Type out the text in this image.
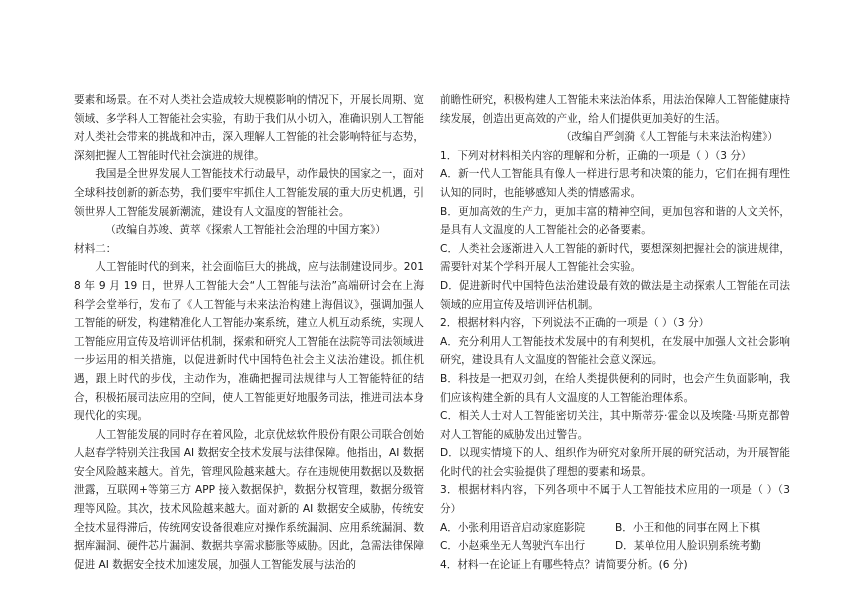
要素和场景。在不对人类社会造成较大规模影响的情况下，开展长周期、宽领域、多学科人工智能社会实验，有助于我们从小切入，准确识别人工智能对人类社会带来的挑战和冲击，深入理解人工智能的社会影响特征与态势，深刻把握人工智能时代社会演进的规律。

我国是全世界发展人工智能技术行动最早，动作最快的国家之一，面对全球科技创新的新态势，我们要牢牢抓住人工智能发展的重大历史机遇，引领世界人工智能发展新潮流，建设有人文温度的智能社会。

（改编自苏竣、黄萃《探索人工智能社会治理的中国方案》）

材料二：

人工智能时代的到来，社会面临巨大的挑战，应与法制建设同步。2018 年 9 月 19 日，世界人工智能大会“人工智能与法治”高端研讨会在上海科学会堂举行，发布了《人工智能与未来法治构建上海倡议》，强调加强人工智能的研发，构建精准化人工智能办案系统，建立人机互动系统，实现人工智能应用宣传及培训评估机制，探索和研究人工智能在法院等司法领域进一步运用的相关措施，以促进新时代中国特色社会主义法治建设。抓住机遇，跟上时代的步伐，主动作为，准确把握司法规律与人工智能特征的结合，积极拓展司法应用的空间，使人工智能更好地服务司法，推进司法本身现代化的实现。

人工智能发展的同时存在着风险，北京优炫软件股份有限公司联合创始人赵春学特别关注我国 AI 数据安全技术发展与法律保障。他指出，AI 数据安全风险越来越大。首先，管理风险越来越大。存在违规使用数据以及数据泄露，互联网+等第三方 APP 接入数据保护，数据分权管理，数据分级管理等风险。其次，技术风险越来越大。面对新的 AI 数据安全威胁，传统安全技术显得滞后，传统网安设备很难应对操作系统漏洞、应用系统漏洞、数据库漏洞、硬件芯片漏洞、数据共享需求膨胀等威胁。因此，急需法律保障促进 AI 数据安全技术加速发展，加强人工智能发展与法治的

前瞻性研究，积极构建人工智能未来法治体系，用法治保障人工智能健康持续发展，创造出更高效的产业，给人们提供更加美好的生活。

（改编自严剑漪《人工智能与未来法治构建》）

1．下列对材料相关内容的理解和分析，正确的一项是（ ）（3 分）

A．新一代人工智能具有像人一样进行思考和决策的能力，它们在拥有理性认知的同时，也能够感知人类的情感需求。

B．更加高效的生产力，更加丰富的精神空间，更加包容和谐的人文关怀，是具有人文温度的人工智能社会的必备要素。

C．人类社会逐渐进入人工智能的新时代，要想深刻把握社会的演进规律，需要针对某个学科开展人工智能社会实验。

D．促进新时代中国特色法治建设最有效的做法是主动探索人工智能在司法领域的应用宣传及培训评估机制。

2．根据材料内容，下列说法不正确的一项是（ ）（3 分）

A．充分利用人工智能技术发展中的有利契机，在发展中加强人文社会影响研究，建设具有人文温度的智能社会意义深远。

B．科技是一把双刃剑，在给人类提供便利的同时，也会产生负面影响，我们应该构建全新的具有人文温度的人工智能治理体系。

C．相关人士对人工智能密切关注，其中斯蒂芬·霍金以及埃隆·马斯克都曾对人工智能的威胁发出过警告。

D．以现实情境下的人、组织作为研究对象所开展的研究活动，为开展智能化时代的社会实验提供了理想的要素和场景。

3．根据材料内容，下列各项中不属于人工智能技术应用的一项是（ ）（3 分）

A．小张利用语音启动家庭影院	B．小王和他的同事在网上下棋
C．小赵乘坐无人驾驶汽车出行	D．某单位用人脸识别系统考勤

4．材料一在论证上有哪些特点？请简要分析。(6 分)
